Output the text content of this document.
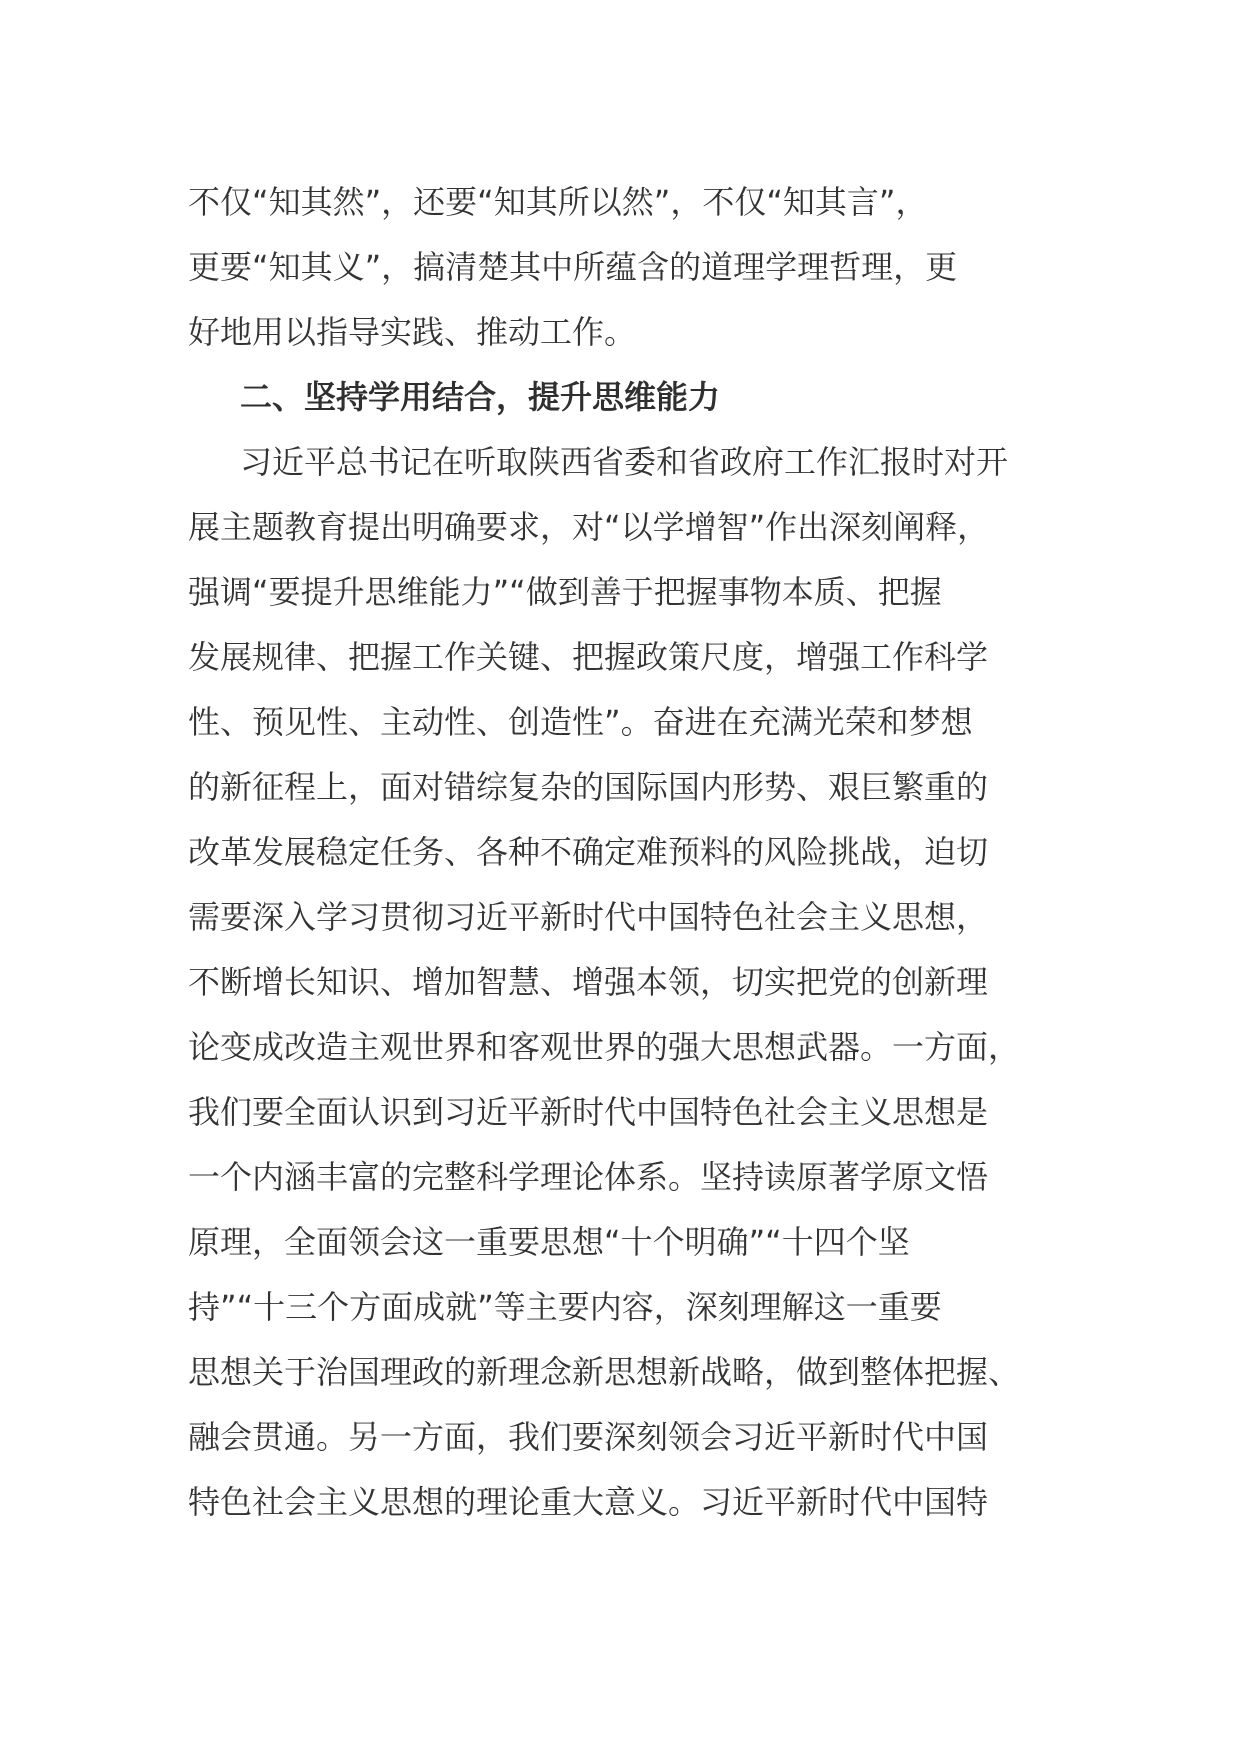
不仅“知其然”，还要“知其所以然”，不仅“知其言”，
更要“知其义”，搞清楚其中所蕴含的道理学理哲理，更
好地用以指导实践、推动工作。
二、坚持学用结合，提升思维能力
习近平总书记在听取陕西省委和省政府工作汇报时对开
展主题教育提出明确要求，对“以学增智”作出深刻阐释，
强调“要提升思维能力”“做到善于把握事物本质、把握
发展规律、把握工作关键、把握政策尺度，增强工作科学
性、预见性、主动性、创造性”。奋进在充满光荣和梦想
的新征程上，面对错综复杂的国际国内形势、艰巨繁重的
改革发展稳定任务、各种不确定难预料的风险挑战，迫切
需要深入学习贯彻习近平新时代中国特色社会主义思想，
不断增长知识、增加智慧、增强本领，切实把党的创新理
论变成改造主观世界和客观世界的强大思想武器。一方面，
我们要全面认识到习近平新时代中国特色社会主义思想是
一个内涵丰富的完整科学理论体系。坚持读原著学原文悟
原理，全面领会这一重要思想“十个明确”“十四个坚
持”“十三个方面成就”等主要内容，深刻理解这一重要
思想关于治国理政的新理念新思想新战略，做到整体把握、
融会贯通。另一方面，我们要深刻领会习近平新时代中国
特色社会主义思想的理论重大意义。习近平新时代中国特
